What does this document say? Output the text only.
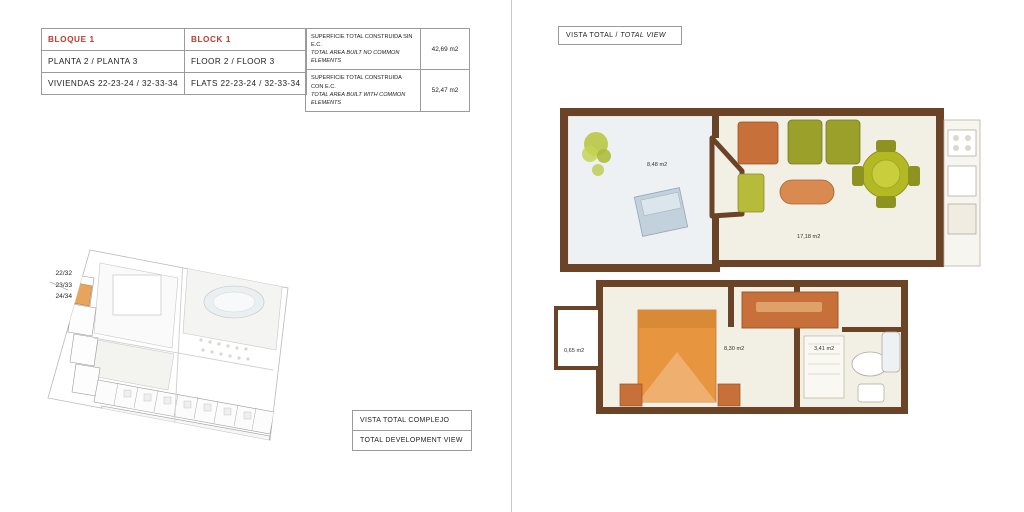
BLOQUE 1	BLOCK 1
PLANTA 2 / PLANTA 3	FLOOR 2 / FLOOR 3
VIVIENDAS 22-23-24 / 32-33-34	FLATS 22-23-24 / 32-33-34
SUPERFICIE TOTAL CONSTRUIDA SIN E.C.
TOTAL AREA BUILT NO COMMON ELEMENTS	42,69 m2
SUPERFICIE TOTAL CONSTRUIDA CON E.C.
TOTAL AREA BUILT WITH COMMON ELEMENTS	52,47 m2
22/32
23/33
24/34
VISTA TOTAL COMPLEJO
TOTAL DEVELOPMENT VIEW
VISTA TOTAL / TOTAL VIEW
8,48 m2
17,18 m2
0,65 m2	8,30 m2	3,41 m2
